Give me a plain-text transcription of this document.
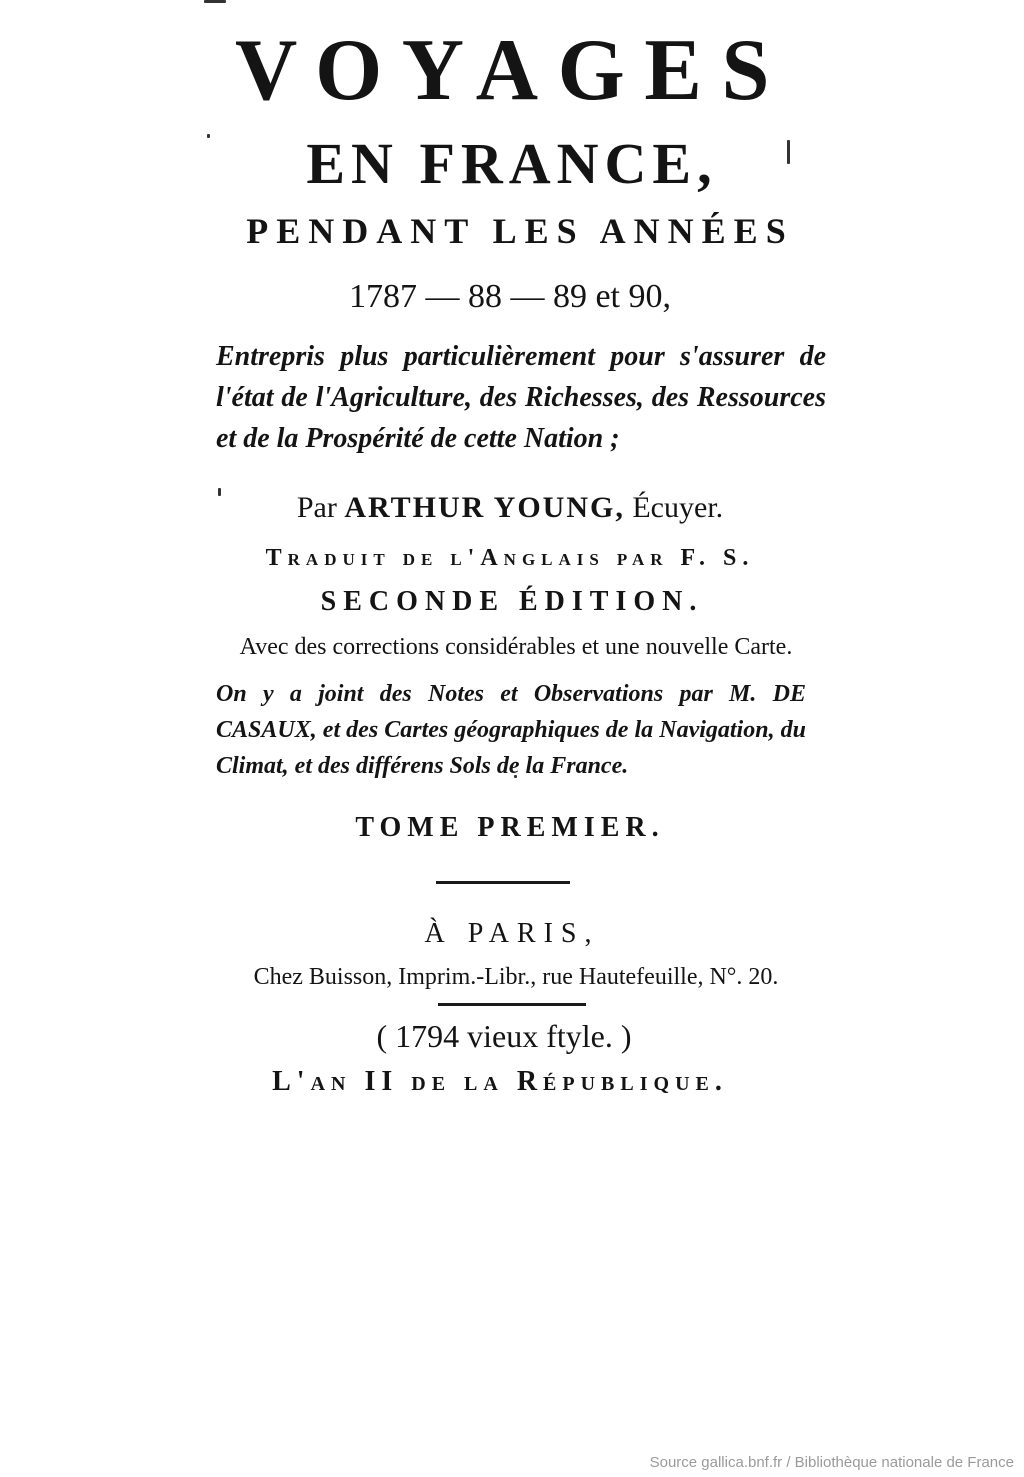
VOYAGES
EN FRANCE,
PENDANT LES ANNÉES
1787 — 88 — 89 et 90,
Entrepris plus particulièrement pour s'assurer de l'état de l'Agriculture, des Richesses, des Ressources et de la Prospérité de cette Nation ;
Par ARTHUR YOUNG, Écuyer.
Traduit de l'Anglais par F. S.
SECONDE ÉDITION.
Avec des corrections considérables et une nouvelle Carte.
On y a joint des Notes et Observations par M. DE CASAUX, et des Cartes géographiques de la Navigation, du Climat, et des différens Sols de la France.
TOME PREMIER.
À PARIS,
Chez Buisson, Imprim.-Libr., rue Hautefeuille, N°. 20.
( 1794 vieux ftyle. )
L'an II de la République.
Source gallica.bnf.fr / Bibliothèque nationale de France
